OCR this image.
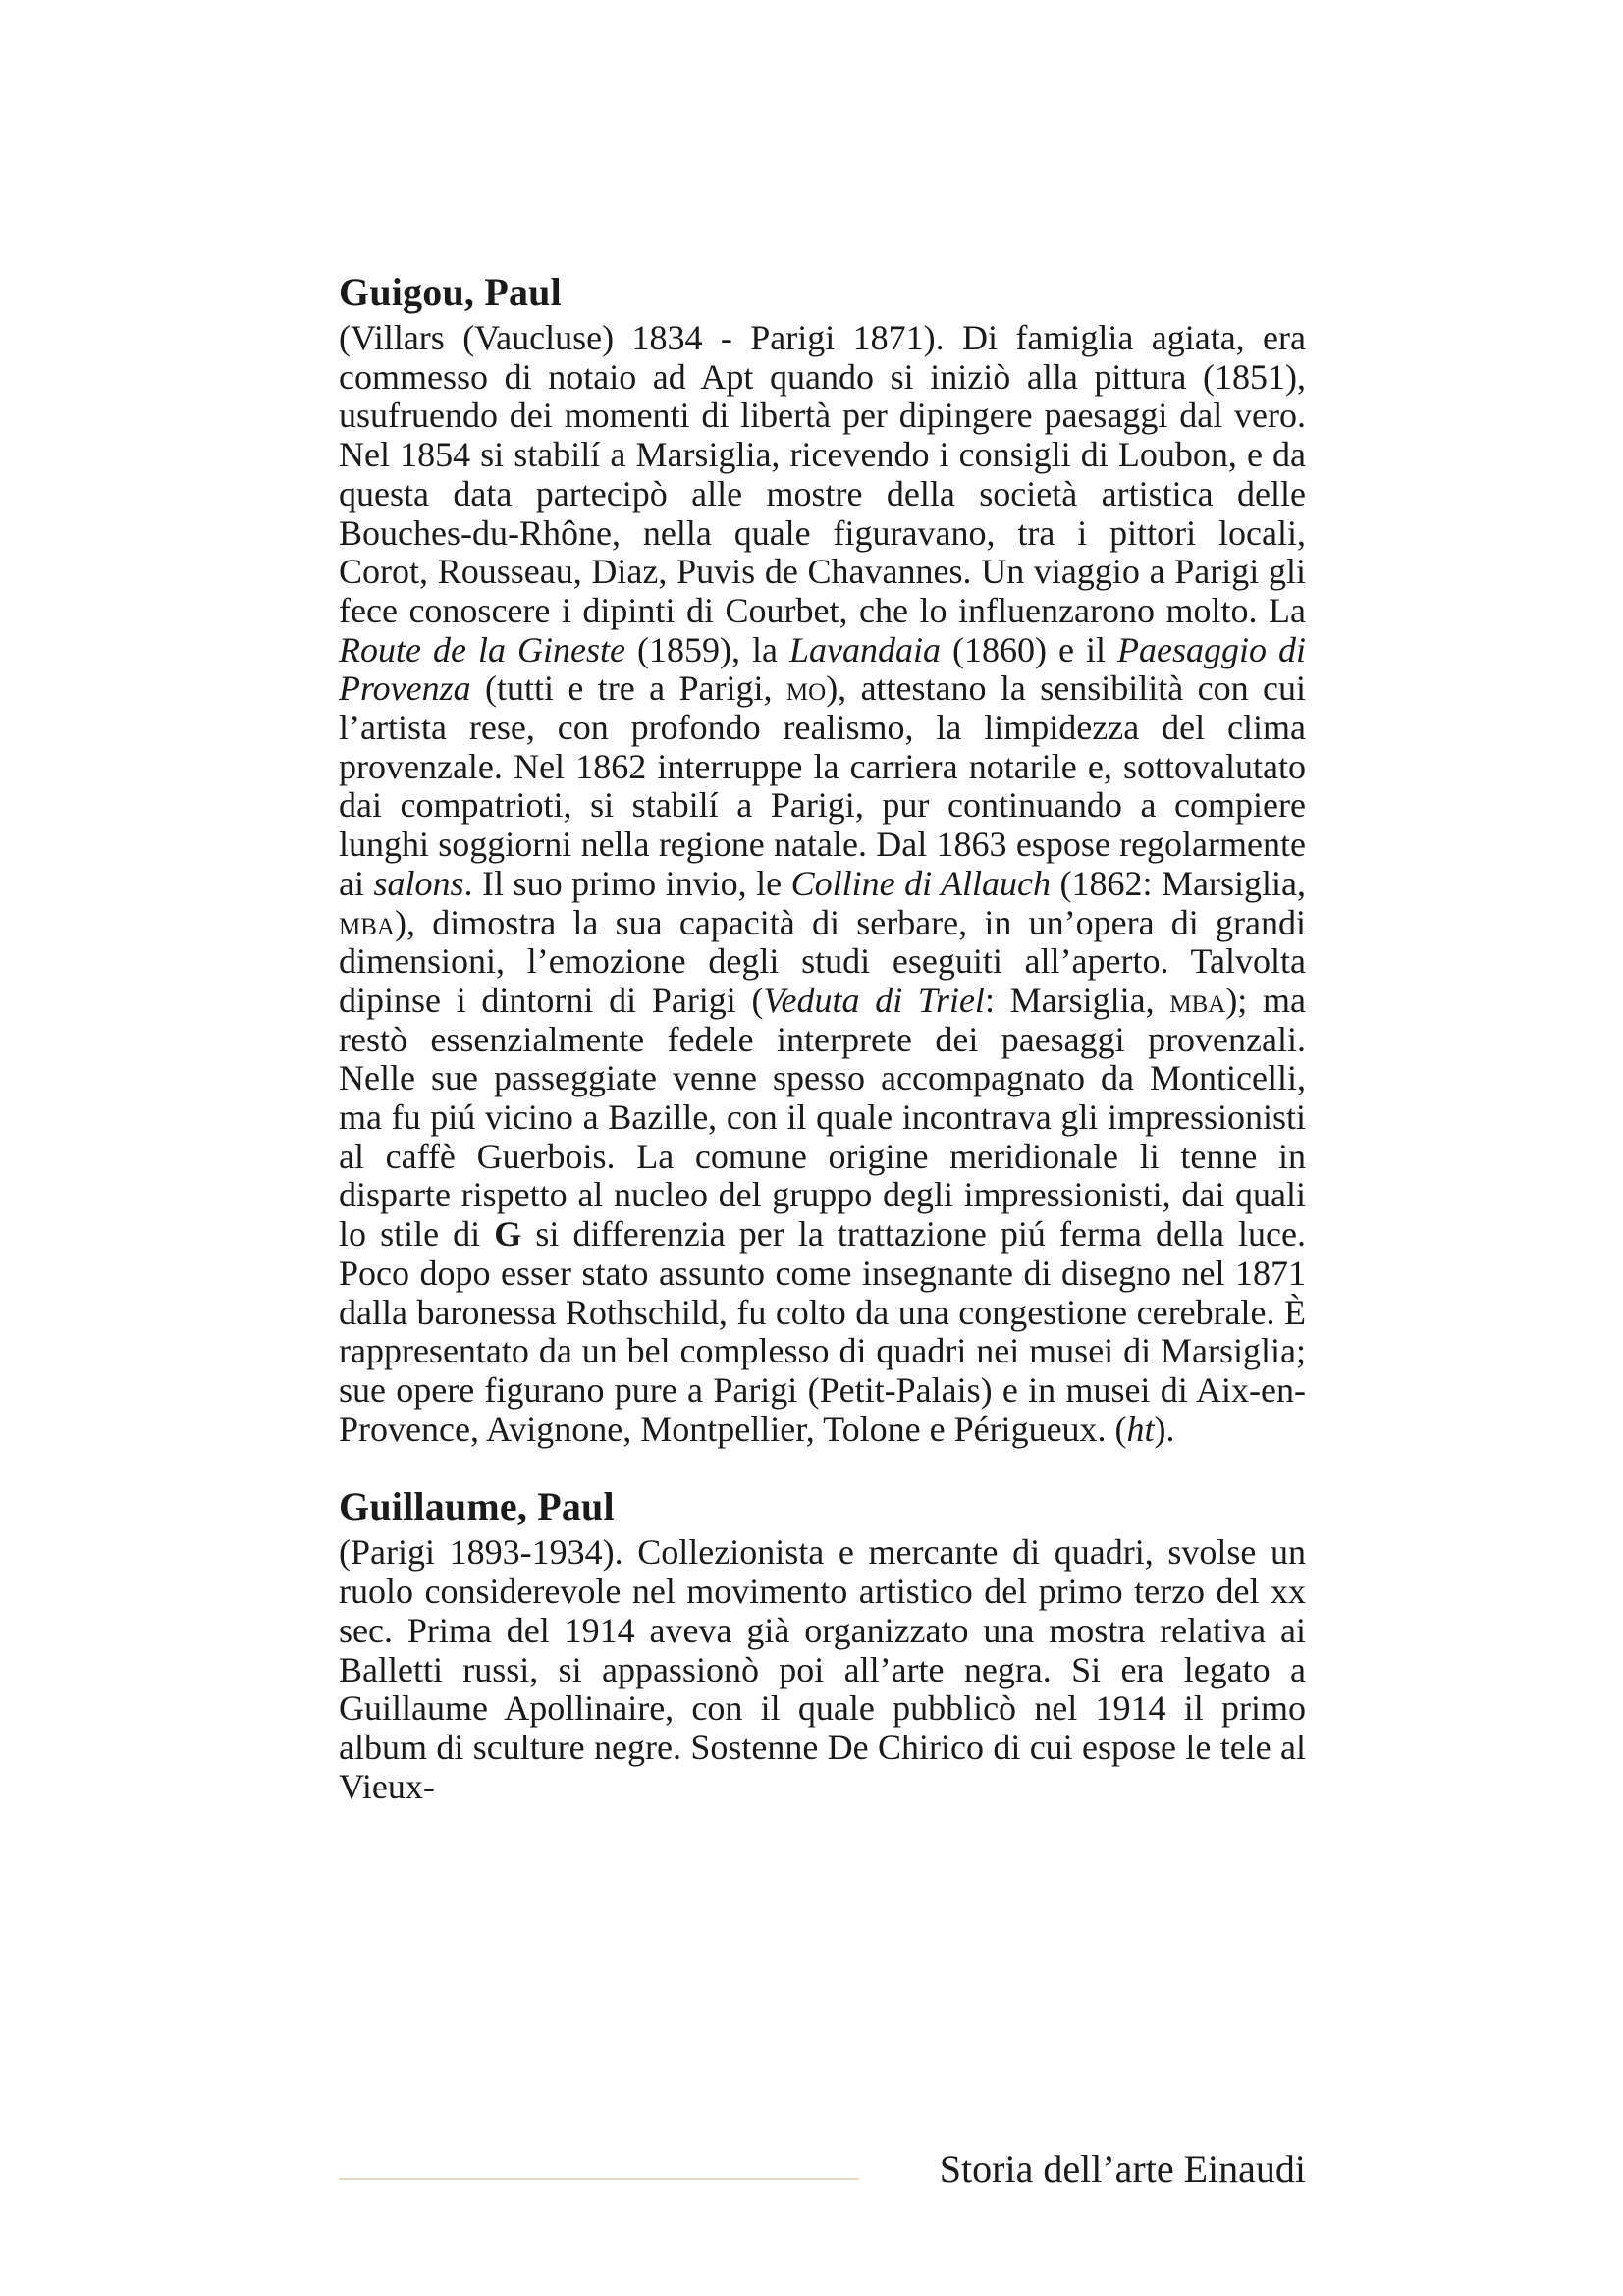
Guigou, Paul
(Villars (Vaucluse) 1834 - Parigi 1871). Di famiglia agiata, era commesso di notaio ad Apt quando si iniziò alla pittura (1851), usufruendo dei momenti di libertà per dipingere paesaggi dal vero. Nel 1854 si stabilí a Marsiglia, ricevendo i consigli di Loubon, e da questa data partecipò alle mostre della società artistica delle Bouches-du-Rhône, nella quale figuravano, tra i pittori locali, Corot, Rousseau, Diaz, Puvis de Chavannes. Un viaggio a Parigi gli fece conoscere i dipinti di Courbet, che lo influenzarono molto. La Route de la Gineste (1859), la Lavandaia (1860) e il Paesaggio di Provenza (tutti e tre a Parigi, mo), attestano la sensibilità con cui l’artista rese, con profondo realismo, la limpidezza del clima provenzale. Nel 1862 interruppe la carriera notarile e, sottovalutato dai compatrioti, si stabilí a Parigi, pur continuando a compiere lunghi soggiorni nella regione natale. Dal 1863 espose regolarmente ai salons. Il suo primo invio, le Colline di Allauch (1862: Marsiglia, mba), dimostra la sua capacità di serbare, in un’opera di grandi dimensioni, l’emozione degli studi eseguiti all’aperto. Talvolta dipinse i dintorni di Parigi (Veduta di Triel: Marsiglia, mba); ma restò essenzialmente fedele interprete dei paesaggi provenzali. Nelle sue passeggiate venne spesso accompagnato da Monticelli, ma fu piú vicino a Bazille, con il quale incontrava gli impressionisti al caffè Guerbois. La comune origine meridionale li tenne in disparte rispetto al nucleo del gruppo degli impressionisti, dai quali lo stile di G si differenzia per la trattazione piú ferma della luce. Poco dopo esser stato assunto come insegnante di disegno nel 1871 dalla baronessa Rothschild, fu colto da una congestione cerebrale. È rappresentato da un bel complesso di quadri nei musei di Marsiglia; sue opere figurano pure a Parigi (Petit-Palais) e in musei di Aix-en-Provence, Avignone, Montpellier, Tolone e Périgueux. (ht).
Guillaume, Paul
(Parigi 1893-1934). Collezionista e mercante di quadri, svolse un ruolo considerevole nel movimento artistico del primo terzo del xx sec. Prima del 1914 aveva già organizzato una mostra relativa ai Balletti russi, si appassionò poi all’arte negra. Si era legato a Guillaume Apollinaire, con il quale pubblicò nel 1914 il primo album di sculture negre. Sostenne De Chirico di cui espose le tele al Vieux-
Storia dell’arte Einaudi
